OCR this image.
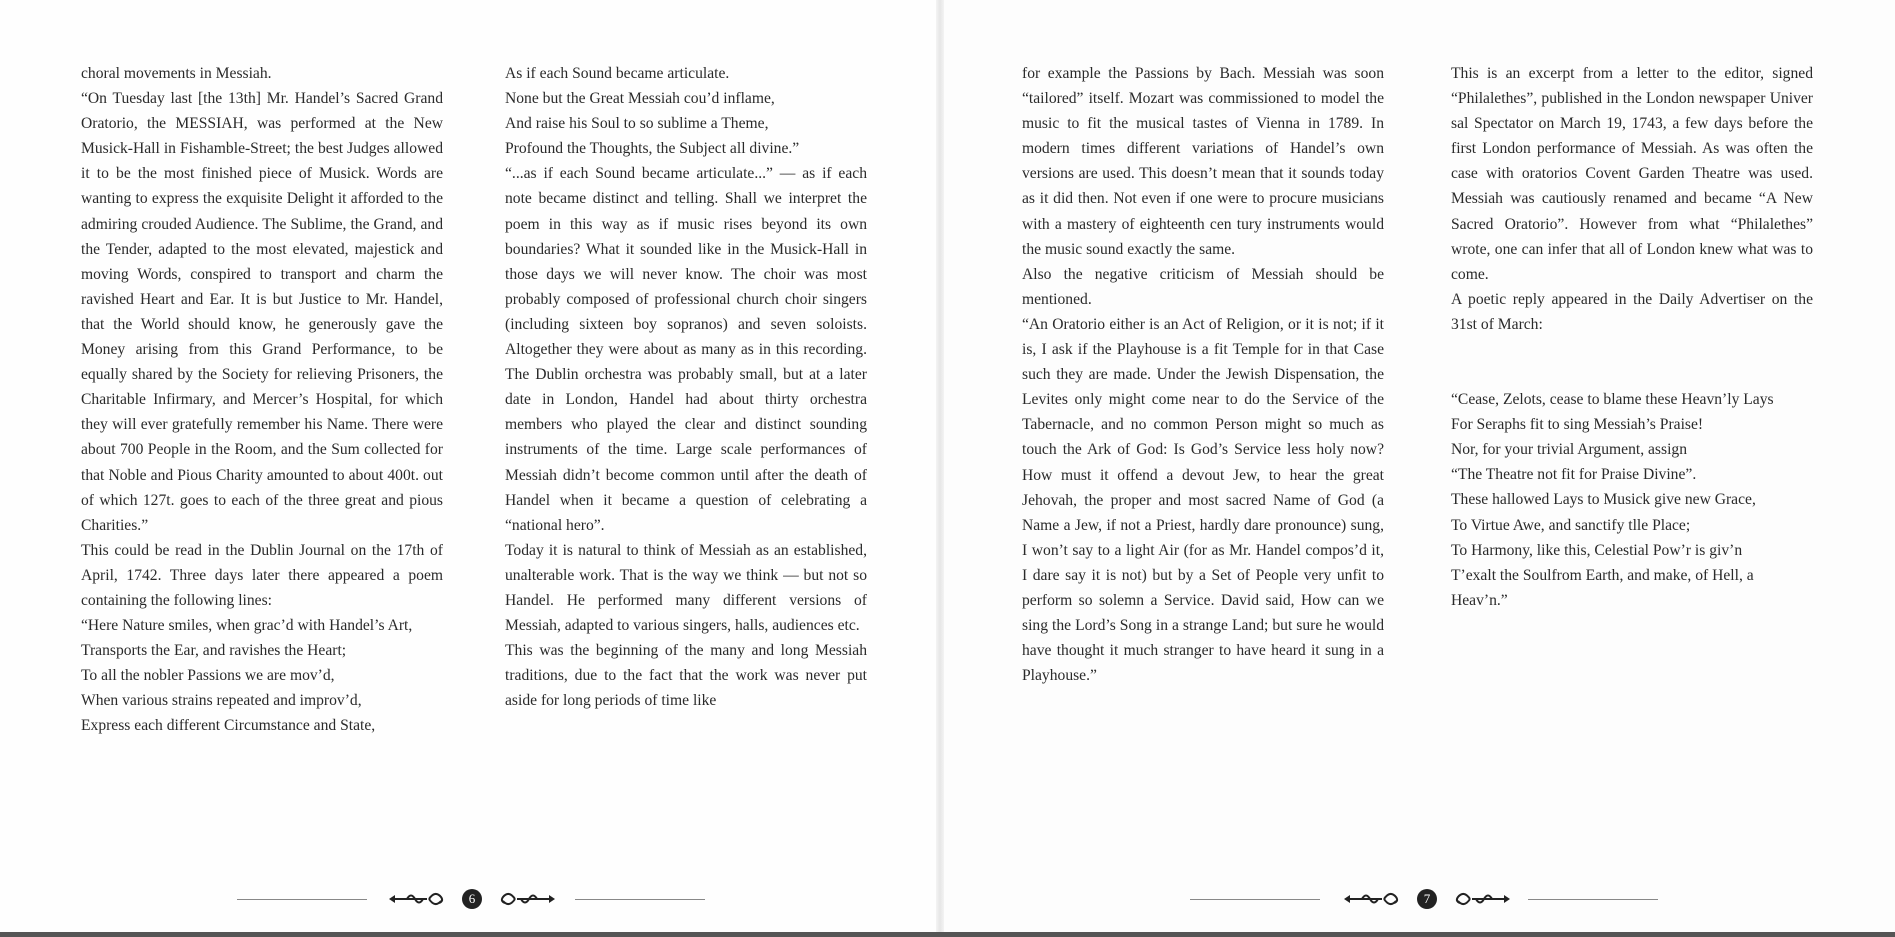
choral movements in Messiah.

“On Tuesday last [the 13th] Mr. Handel’s Sacred Grand Oratorio, the MESSIAH, was performed at the New Musick-Hall in Fishamble-Street; the best Judges allowed it to be the most finished piece of Musick. Words are wanting to express the exquisite Delight it afforded to the admiring crouded Audience. The Sublime, the Grand, and the Tender, adapted to the most elevated, majestick and moving Words, conspired to transport and charm the ravished Heart and Ear. It is but Justice to Mr. Handel, that the World should know, he generously gave the Money arising from this Grand Performance, to be equally shared by the Society for relieving Prisoners, the Charitable Infirmary, and Mercer’s Hospital, for which they will ever gratefully remember his Name. There were about 700 People in the Room, and the Sum collected for that Noble and Pious Charity amounted to about 400t. out of which 127t. goes to each of the three great and pious Charities.”

This could be read in the Dublin Journal on the 17th of April, 1742. Three days later there appeared a poem containing the following lines:

“Here Nature smiles, when grac’d with Handel’s Art,

Transports the Ear, and ravishes the Heart;

To all the nobler Passions we are mov’d,

When various strains repeated and improv’d,

Express each different Circumstance and State,

As if each Sound became articulate.

None but the Great Messiah cou’d inflame,

And raise his Soul to so sublime a Theme,

Profound the Thoughts, the Subject all divine.”

“...as if each Sound became articulate...” — as if each note became distinct and telling. Shall we interpret the poem in this way as if music rises beyond its own boundaries? What it sounded like in the Musick-Hall in those days we will never know. The choir was most probably composed of professional church choir singers (including sixteen boy sopranos) and seven soloists. Altogether they were about as many as in this recording. The Dublin orchestra was probably small, but at a later date in London, Handel had about thirty orchestra members who played the clear and distinct sounding instruments of the time. Large scale performances of Messiah didn’t become common until after the death of Handel when it became a question of celebrating a “national hero”.

Today it is natural to think of Messiah as an established, unalterable work. That is the way we think — but not so Handel. He performed many different versions of Messiah, adapted to various singers, halls, audiences etc.

This was the beginning of the many and long Messiah traditions, due to the fact that the work was never put aside for long periods of time like

for example the Passions by Bach. Messiah was soon “tailored” itself. Mozart was commissioned to model the music to fit the musical tastes of Vienna in 1789. In modern times different variations of Handel’s own versions are used. This doesn’t mean that it sounds today as it did then. Not even if one were to procure musicians with a mastery of eighteenth cen tury instruments would the music sound exactly the same.

Also the negative criticism of Messiah should be mentioned.

“An Oratorio either is an Act of Religion, or it is not; if it is, I ask if the Playhouse is a fit Temple for in that Case such they are made. Under the Jewish Dispensation, the Levites only might come near to do the Service of the Tabernacle, and no common Person might so much as touch the Ark of God: Is God’s Service less holy now? How must it offend a devout Jew, to hear the great Jehovah, the proper and most sacred Name of God (a Name a Jew, if not a Priest, hardly dare pronounce) sung, I won’t say to a light Air (for as Mr. Handel compos’d it, I dare say it is not) but by a Set of People very unfit to perform so solemn a Service. David said, How can we sing the Lord’s Song in a strange Land; but sure he would have thought it much stranger to have heard it sung in a Playhouse.”

This is an excerpt from a letter to the editor, signed “Philalethes”, published in the London newspaper Univer sal Spectator on March 19, 1743, a few days before the first London performance of Messiah. As was often the case with oratorios Covent Garden Theatre was used. Messiah was cautiously renamed and became “A New Sacred Oratorio”. However from what “Philalethes” wrote, one can infer that all of London knew what was to come.

A poetic reply appeared in the Daily Advertiser on the 31st of March:

“Cease, Zelots, cease to blame these Heavn’ly Lays

For Seraphs fit to sing Messiah’s Praise!

Nor, for your trivial Argument, assign

“The Theatre not fit for Praise Divine”.

These hallowed Lays to Musick give new Grace,

To Virtue Awe, and sanctify tlle Place;

To Harmony, like this, Celestial Pow’r is giv’n

T’exalt the Soulfrom Earth, and make, of Hell, a Heav’n.”

6	7
